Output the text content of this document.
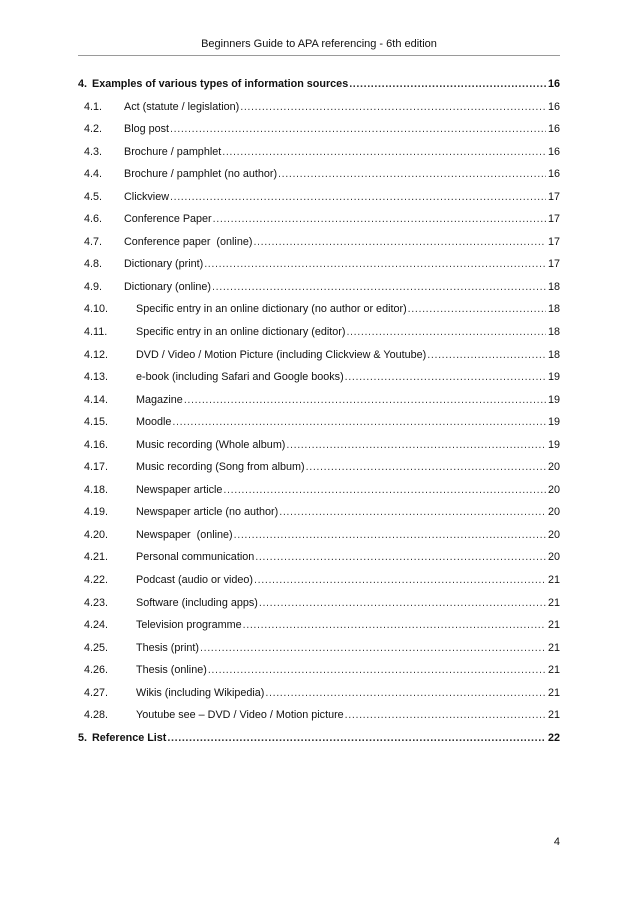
Beginners Guide to APA referencing - 6th edition
4. Examples of various types of information sources .....	16
4.1.	Act (statute / legislation) .....	16
4.2.	Blog post .....	16
4.3.	Brochure / pamphlet .....	16
4.4.	Brochure / pamphlet (no author) .....	16
4.5.	Clickview .....	17
4.6.	Conference Paper .....	17
4.7.	Conference paper  (online) .....	17
4.8.	Dictionary (print) .....	17
4.9.	Dictionary (online) .....	18
4.10.	Specific entry in an online dictionary (no author or editor) .....	18
4.11.	Specific entry in an online dictionary (editor) .....	18
4.12.	DVD / Video / Motion Picture (including Clickview & Youtube) .....	18
4.13.	e-book (including Safari and Google books) .....	19
4.14.	Magazine .....	19
4.15.	Moodle .....	19
4.16.	Music recording (Whole album) .....	19
4.17.	Music recording (Song from album) .....	20
4.18.	Newspaper article .....	20
4.19.	Newspaper article (no author) .....	20
4.20.	Newspaper  (online) .....	20
4.21.	Personal communication .....	20
4.22.	Podcast (audio or video) .....	21
4.23.	Software (including apps) .....	21
4.24.	Television programme .....	21
4.25.	Thesis (print) .....	21
4.26.	Thesis (online) .....	21
4.27.	Wikis (including Wikipedia) .....	21
4.28.	Youtube see – DVD / Video / Motion picture .....	21
5. Reference List .....	22
4
